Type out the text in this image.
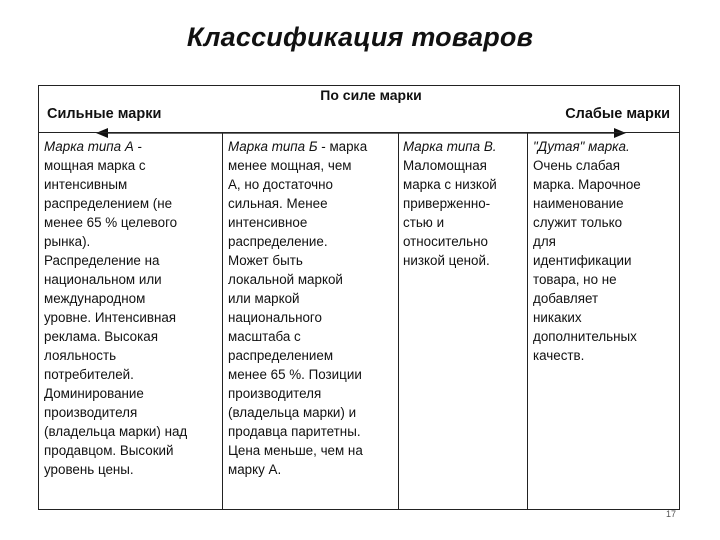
Классификация товаров
По силе марки
Сильные марки	Слабые марки
Марка типа А -
мощная марка с
интенсивным
распределением (не
менее 65 % целевого
рынка).
Распределение на
национальном или
международном
уровне. Интенсивная
реклама. Высокая
лояльность
потребителей.
Доминирование
производителя
(владельца марки) над
продавцом. Высокий
уровень цены.
Марка типа Б - марка
менее мощная, чем
А, но достаточно
сильная. Менее
интенсивное
распределение.
Может быть
локальной маркой
или маркой
национального
масштаба с
распределением
менее 65 %. Позиции
производителя
(владельца марки) и
продавца паритетны.
Цена меньше, чем на
марку А.
Марка типа В.
Маломощная
марка с низкой
приверженно-
стью и
относительно
низкой ценой.
"Дутая" марка.
Очень слабая
марка. Марочное
наименование
служит только
для
идентификации
товара, но не
добавляет
никаких
дополнительных
качеств.
17
